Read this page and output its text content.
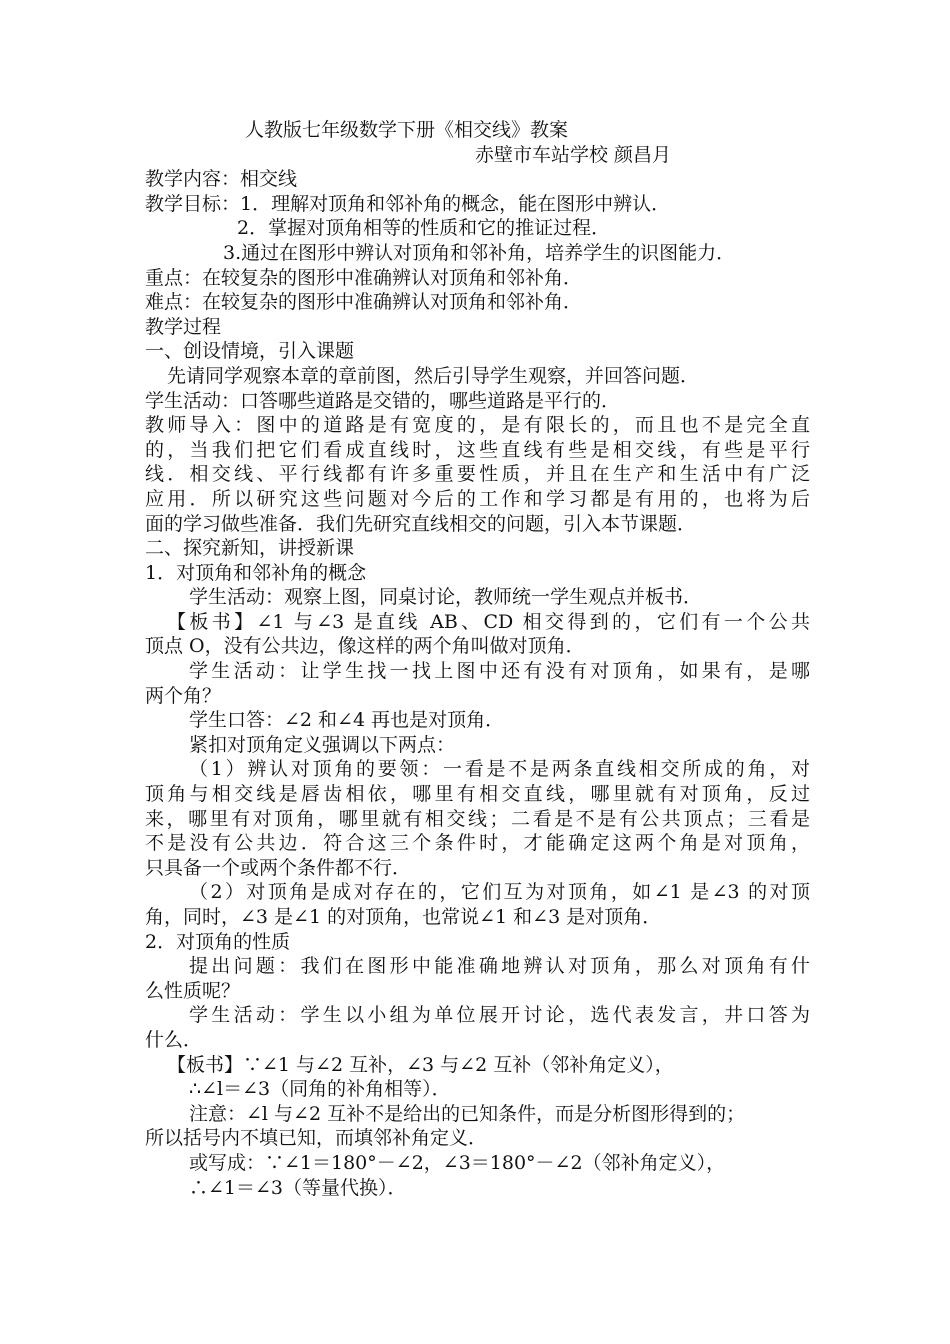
人教版七年级数学下册《相交线》教案
赤壁市车站学校 颜昌月
教学内容：相交线
教学目标：1．理解对顶角和邻补角的概念，能在图形中辨认．
2．掌握对顶角相等的性质和它的推证过程．
3.通过在图形中辨认对顶角和邻补角，培养学生的识图能力．
重点：在较复杂的图形中准确辨认对顶角和邻补角．
难点：在较复杂的图形中准确辨认对顶角和邻补角．
教学过程
一、创设情境，引入课题
先请同学观察本章的章前图，然后引导学生观察，并回答问题．
学生活动：口答哪些道路是交错的，哪些道路是平行的．
教师导入：图中的道路是有宽度的，是有限长的，而且也不是完全直
的，当我们把它们看成直线时，这些直线有些是相交线，有些是平行
线．相交线、平行线都有许多重要性质，并且在生产和生活中有广泛
应用．所以研究这些问题对今后的工作和学习都是有用的，也将为后
面的学习做些准备．我们先研究直线相交的问题，引入本节课题．
二、探究新知，讲授新课
1．对顶角和邻补角的概念
学生活动：观察上图，同桌讨论，教师统一学生观点并板书．
【板书】∠1 与∠3 是直线 AB、CD 相交得到的，它们有一个公共
顶点 O，没有公共边，像这样的两个角叫做对顶角．
学生活动：让学生找一找上图中还有没有对顶角，如果有，是哪
两个角？
学生口答：∠2 和∠4 再也是对顶角．
紧扣对顶角定义强调以下两点：
（1）辨认对顶角的要领：一看是不是两条直线相交所成的角，对
顶角与相交线是唇齿相依，哪里有相交直线，哪里就有对顶角，反过
来，哪里有对顶角，哪里就有相交线；二看是不是有公共顶点；三看是
不是没有公共边．符合这三个条件时，才能确定这两个角是对顶角，
只具备一个或两个条件都不行．
（2）对顶角是成对存在的，它们互为对顶角，如∠1 是∠3 的对顶
角，同时，∠3 是∠1 的对顶角，也常说∠1 和∠3 是对顶角．
2．对顶角的性质
提出问题：我们在图形中能准确地辨认对顶角，那么对顶角有什
么性质呢？
学生活动：学生以小组为单位展开讨论，选代表发言，井口答为
什么．
【板书】∵∠1 与∠2 互补，∠3 与∠2 互补（邻补角定义），
∴∠l＝∠3（同角的补角相等）．
注意：∠l 与∠2 互补不是给出的已知条件，而是分析图形得到的；
所以括号内不填已知，而填邻补角定义．
或写成：∵∠1＝180°－∠2，∠3＝180°－∠2（邻补角定义），
∴∠1＝∠3（等量代换）．
